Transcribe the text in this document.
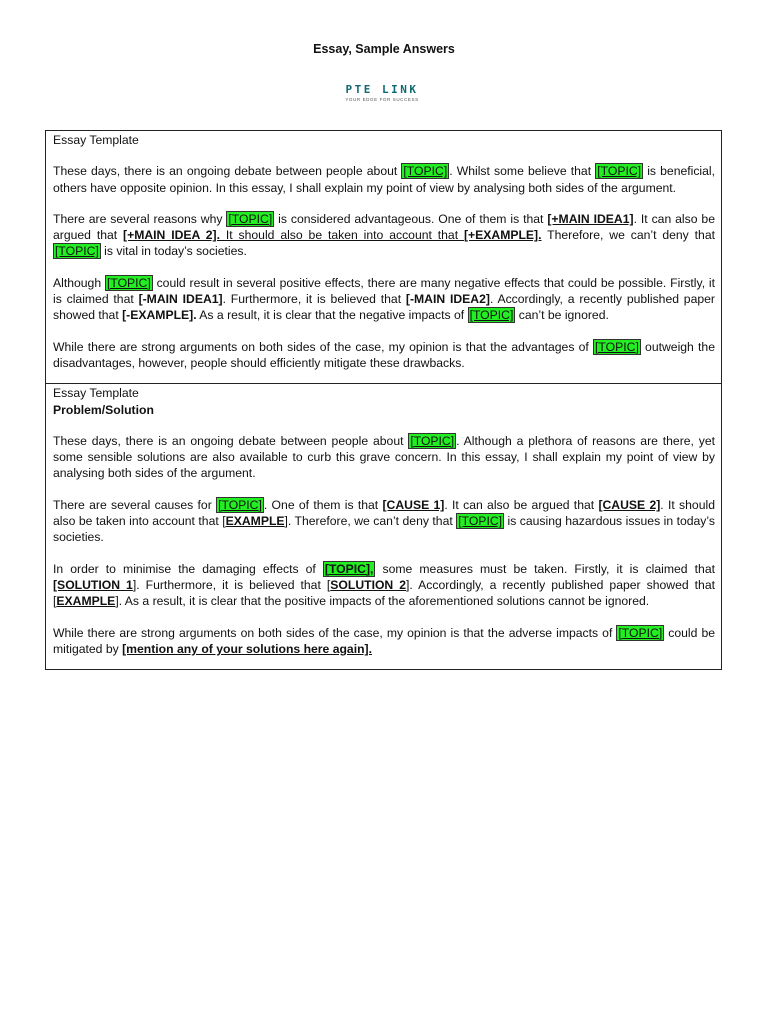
Essay, Sample Answers
PTE LINK
YOUR EDGE FOR SUCCESS
Essay Template

These days, there is an ongoing debate between people about [TOPIC] . Whilst some believe that [TOPIC] is beneficial, others have opposite opinion. In this essay, I shall explain my point of view by analysing both sides of the argument.

There are several reasons why [TOPIC] is considered advantageous. One of them is that [+MAIN IDEA1]. It can also be argued that [+MAIN IDEA 2]. It should also be taken into account that [+EXAMPLE]. Therefore, we can’t deny that [TOPIC] is vital in today’s societies.

Although [TOPIC] could result in several positive effects, there are many negative effects that could be possible. Firstly, it is claimed that [-MAIN IDEA1]. Furthermore, it is believed that [-MAIN IDEA2]. Accordingly, a recently published paper showed that [-EXAMPLE]. As a result, it is clear that the negative impacts of [TOPIC] can’t be ignored.

While there are strong arguments on both sides of the case, my opinion is that the advantages of [TOPIC] outweigh the disadvantages, however, people should efficiently mitigate these drawbacks.

Essay Template
Problem/Solution

These days, there is an ongoing debate between people about [TOPIC] . Although a plethora of reasons are there, yet some sensible solutions are also available to curb this grave concern. In this essay, I shall explain my point of view by analysing both sides of the argument.

There are several causes for [TOPIC] . One of them is that [CAUSE 1]. It can also be argued that [CAUSE 2]. It should also be taken into account that [EXAMPLE]. Therefore, we can’t deny that [TOPIC] is causing hazardous issues in today’s societies.

In order to minimise the damaging effects of [TOPIC], some measures must be taken. Firstly, it is claimed that [SOLUTION 1]. Furthermore, it is believed that [SOLUTION 2]. Accordingly, a recently published paper showed that [EXAMPLE]. As a result, it is clear that the positive impacts of the aforementioned solutions cannot be ignored.

While there are strong arguments on both sides of the case, my opinion is that the adverse impacts of [TOPIC] could be mitigated by [mention any of your solutions here again].
